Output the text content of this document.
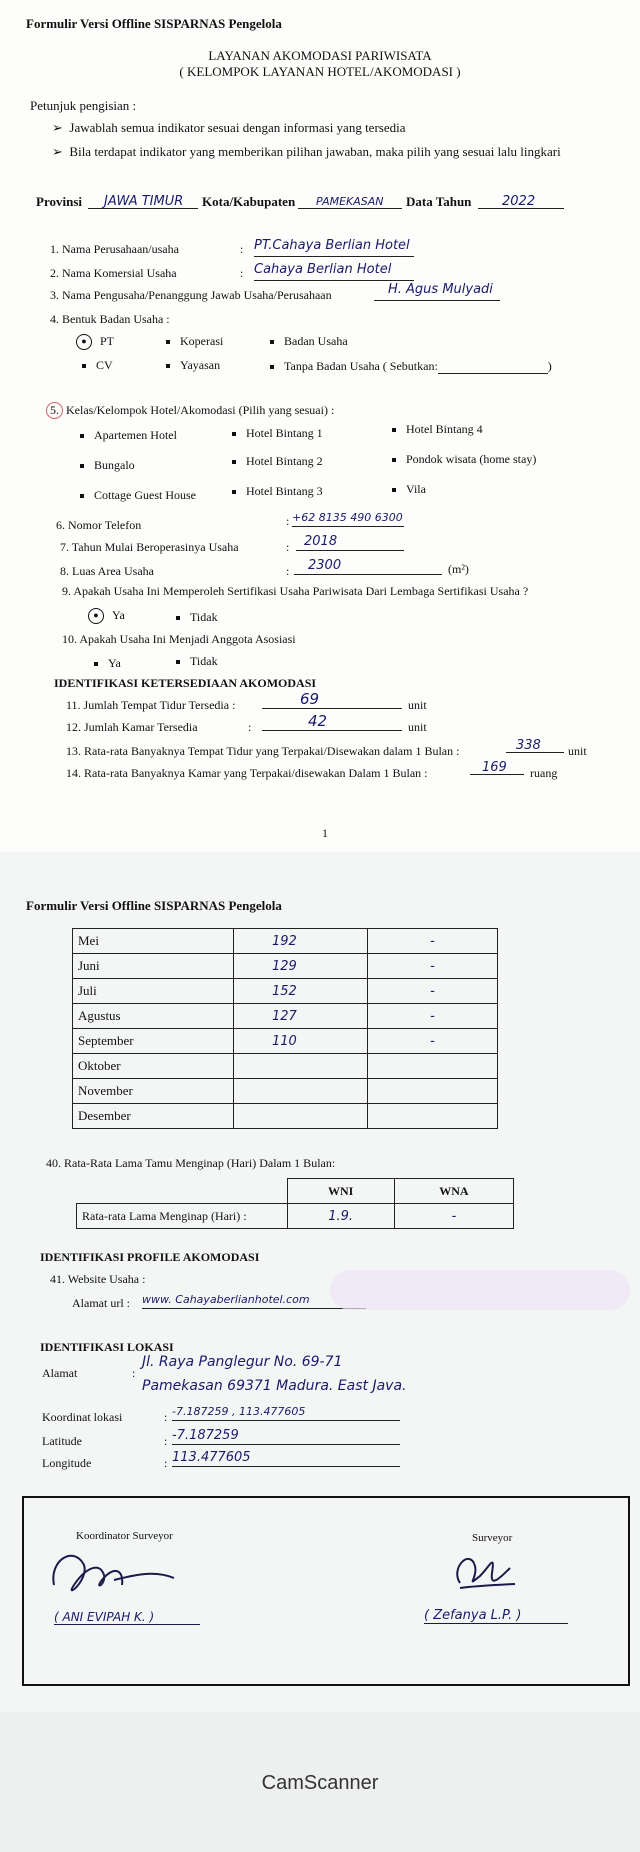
Formulir Versi Offline SISPARNAS Pengelola
LAYANAN AKOMODASI PARIWISATA
( KELOMPOK LAYANAN HOTEL/AKOMODASI )
Petunjuk pengisian :
➢  Jawablah semua indikator sesuai dengan informasi yang tersedia
➢  Bila terdapat indikator yang memberikan pilihan jawaban, maka pilih yang sesuai lalu lingkari
Provinsi	JAWA TIMUR	Kota/Kabupaten	PAMEKASAN	Data Tahun	2022
1. Nama Perusahaan/usaha	: PT.Cahaya Berlian Hotel
2. Nama Komersial Usaha	: Cahaya Berlian Hotel
3. Nama Pengusaha/Penanggung Jawab Usaha/Perusahaan	H. Agus Mulyadi
4. Bentuk Badan Usaha :
● PT	Koperasi	Badan Usaha
CV	Yayasan	Tanpa Badan Usaha ( Sebutkan:	)
5. Kelas/Kelompok Hotel/Akomodasi (Pilih yang sesuai) :
Apartemen Hotel	Hotel Bintang 1	Hotel Bintang 4
Bungalo	Hotel Bintang 2	Pondok wisata (home stay)
Cottage Guest House	Hotel Bintang 3	Vila
6. Nomor Telefon	: +62 8135 490 6300
7. Tahun Mulai Beroperasinya Usaha	:	2018
8. Luas Area Usaha	:	2300	(m²)
9. Apakah Usaha Ini Memperoleh Sertifikasi Usaha Pariwisata Dari Lembaga Sertifikasi Usaha ?
● Ya	Tidak
10. Apakah Usaha Ini Menjadi Anggota Asosiasi
Ya	Tidak
IDENTIFIKASI KETERSEDIAAN AKOMODASI
11. Jumlah Tempat Tidur Tersedia :	69	unit
12. Jumlah Kamar Tersedia	:	42	unit
13. Rata-rata Banyaknya Tempat Tidur yang Terpakai/Disewakan dalam 1 Bulan :	338	unit
14. Rata-rata Banyaknya Kamar yang Terpakai/disewakan Dalam 1 Bulan :	169	ruang
1
Formulir Versi Offline SISPARNAS Pengelola
Mei	192	-
Juni	129	-
Juli	152	-
Agustus	127	-
September	110	-
Oktober		
November		
Desember		
40. Rata-Rata Lama Tamu Menginap (Hari) Dalam 1 Bulan:
	WNI	WNA
Rata-rata Lama Menginap (Hari) :	1.9.	-
IDENTIFIKASI PROFILE AKOMODASI
41. Website Usaha :
Alamat url : www. Cahayaberlianhotel.com
IDENTIFIKASI LOKASI
Alamat	:
Jl. Raya Panglegur No. 69-71
Pamekasan 69371 Madura. East Java.
Koordinat lokasi	: -7.187259 , 113.477605
Latitude	: -7.187259
Longitude	: 113.477605
Koordinator Surveyor	Surveyor
( ANI EVIPAH K. )	( Zefanya L.P. )
CamScanner
